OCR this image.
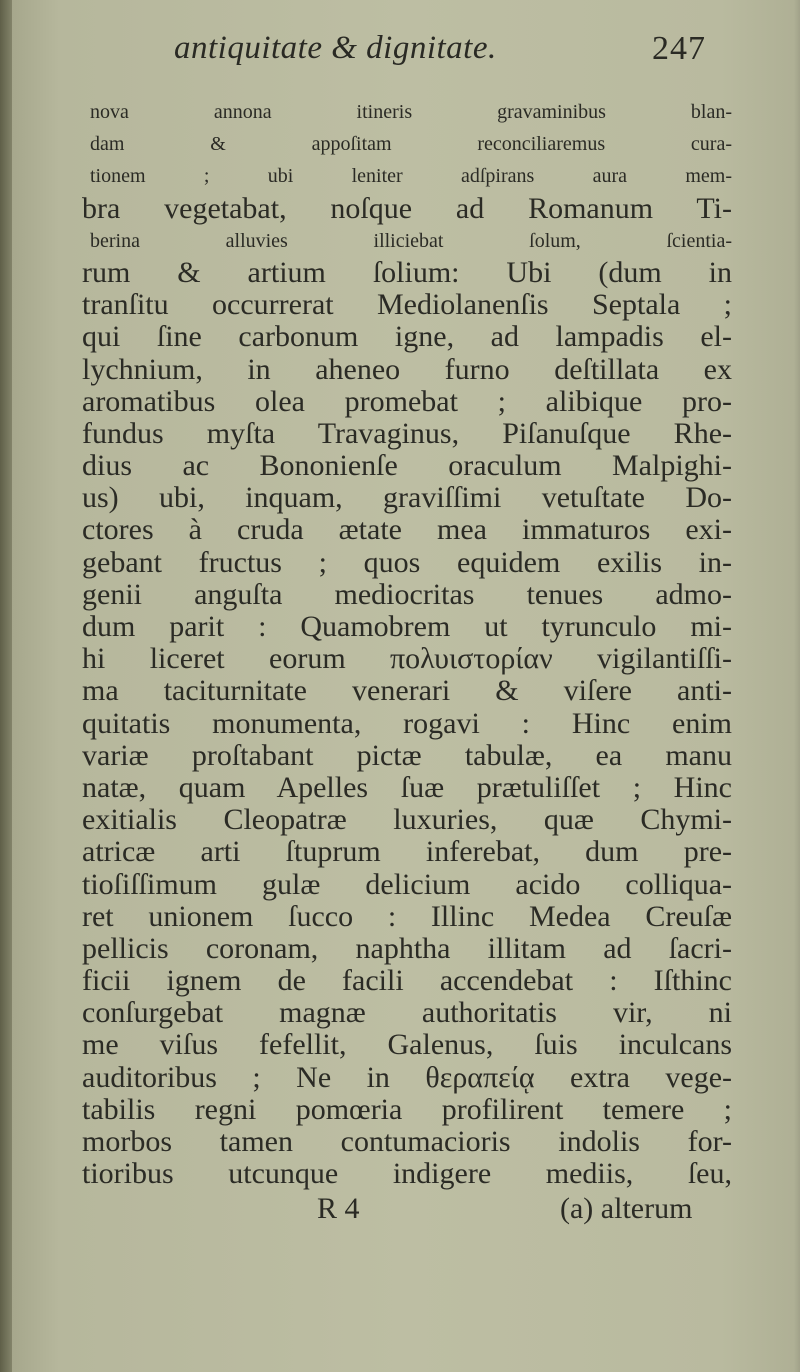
antiquitate & dignitate.	247
nova annona itineris gravaminibus blan-
dam & appoſitam reconciliaremus cura-
tionem ; ubi leniter adſpirans aura mem-
bra vegetabat, noſque ad Romanum Ti-
berina alluvies illiciebat ſolum, ſcientia-
rum & artium ſolium: Ubi (dum in
tranſitu occurrerat Mediolanenſis Septala ;
qui ſine carbonum igne, ad lampadis el-
lychnium, in aheneo furno deſtillata ex
aromatibus olea promebat ; alibique pro-
fundus myſta Travaginus, Piſanuſque Rhe-
dius ac Bononienſe oraculum Malpighi-
us) ubi, inquam, graviſſimi vetuſtate Do-
ctores à cruda ætate mea immaturos exi-
gebant fructus ; quos equidem exilis in-
genii anguſta mediocritas tenues admo-
dum parit : Quamobrem ut tyrunculo mi-
hi liceret eorum πολυιστορίαν vigilantiſſi-
ma taciturnitate venerari & viſere anti-
quitatis monumenta, rogavi : Hinc enim
variæ proſtabant pictæ tabulæ, ea manu
natæ, quam Apelles ſuæ prætuliſſet ; Hinc
exitialis Cleopatræ luxuries, quæ Chymi-
atricæ arti ſtuprum inferebat, dum pre-
tioſiſſimum gulæ delicium acido colliqua-
ret unionem ſucco : Illinc Medea Creuſæ
pellicis coronam, naphtha illitam ad ſacri-
ficii ignem de facili accendebat : Iſthinc
conſurgebat magnæ authoritatis vir, ni
me viſus fefellit, Galenus, ſuis inculcans
auditoribus ; Ne in θεραπείᾳ extra vege-
tabilis regni pomœria profilirent temere ;
morbos tamen contumacioris indolis for-
tioribus utcunque indigere mediis, ſeu,
R 4	(a) alterum
